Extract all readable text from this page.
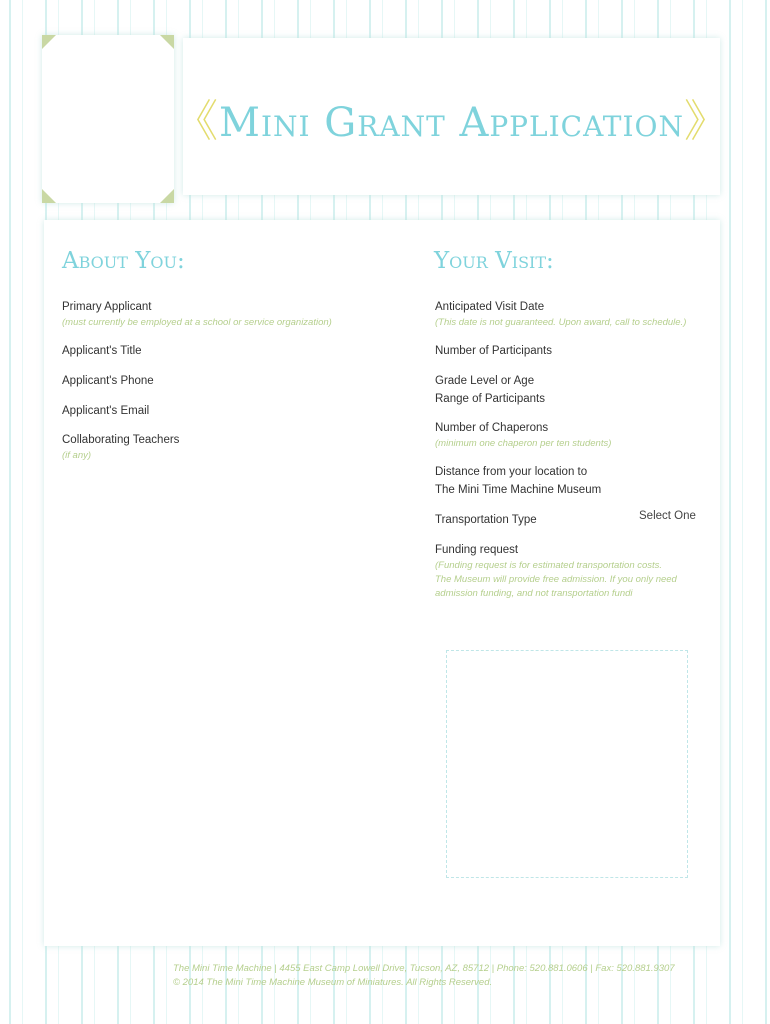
《Mini Grant Application》
About You:	Your Visit:
Primary Applicant
(must currently be employed at a school or service organization)
Applicant's Title
Applicant's Phone
Applicant's Email
Collaborating Teachers
(if any)
Anticipated Visit Date
(This date is not guaranteed. Upon award, call to schedule.)
Number of Participants
Grade Level or Age
Range of Participants
Number of Chaperons
(minimum one chaperon per ten students)
Distance from your location to
The Mini Time Machine Museum
Transportation Type	Select One
Funding request
(Funding request is for estimated transportation costs.
The Museum will provide free admission. If you only need
admission funding, and not transportation fundi
The Mini Time Machine | 4455 East Camp Lowell Drive, Tucson, AZ, 85712 | Phone: 520.881.0606 | Fax: 520.881.9307
© 2014 The Mini Time Machine Museum of Miniatures. All Rights Reserved.
